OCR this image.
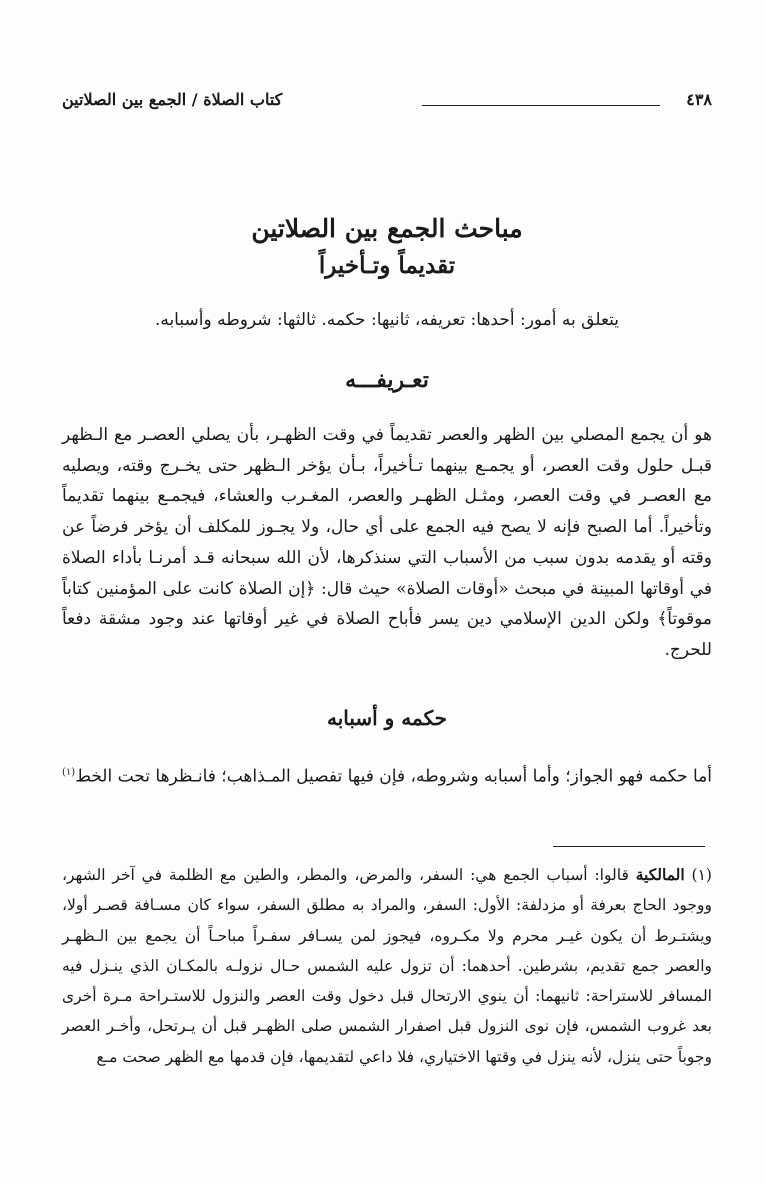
٤٣٨
كتاب الصلاة / الجمع بين الصلاتين
مباحث الجمع بين الصلاتين
تقديماً وتـأخيراً
يتعلق به أمور: أحدها: تعريفه، ثانيها: حكمه. ثالثها: شروطه وأسبابه.
تعـريفـــه
هو أن يجمع المصلي بين الظهر والعصر تقديماً في وقت الظهـر، بأن يصلي العصـر مع الـظهر قبـل حلول وقت العصر، أو يجمـع بينهما تـأخيراً، بـأن يؤخر الـظهر حتى يخـرج وقته، ويصليه مع العصـر في وقت العصر، ومثـل الظهـر والعصر، المغـرب والعشاء، فيجمـع بينهما تقديماً وتأخيراً. أما الصبح فإنه لا يصح فيه الجمع على أي حال، ولا يجـوز للمكلف أن يؤخر فرضاً عن وقته أو يقدمه بدون سبب من الأسباب التي سنذكرها، لأن الله سبحانه قـد أمرنـا بأداء الصلاة في أوقاتها المبينة في مبحث «أوقات الصلاة» حيث قال: ﴿إن الصلاة كانت على المؤمنين كتاباً موقوتاً﴾ ولكن الدين الإسلامي دين يسر فأباح الصلاة في غير أوقاتها عند وجود مشقة دفعاً للحرج.
حكمه و أسبابه
أما حكمه فهو الجواز؛ وأما أسبابه وشروطه، فإن فيها تفصيل المـذاهب؛ فانـظرها تحت الخط$^{(١)}$
(١) المالكية قالوا: أسباب الجمع هي: السفر، والمرض، والمطر، والطين مع الظلمة في آخر الشهر، ووجود الحاج بعرفة أو مزدلفة: الأول: السفر، والمراد به مطلق السفر، سواء كان مسـافة قصـر أولا، ويشتـرط أن يكون غيـر محرم ولا مكـروه، فيجوز لمن يسـافر سفـراً مباحـاً أن يجمع بين الـظهـر والعصر جمع تقديم، بشرطين. أحدهما: أن تزول عليه الشمس حـال نزولـه بالمكـان الذي ينـزل فيه المسافر للاستراحة: ثانيهما: أن ينوي الارتحال قبل دخول وقت العصر والنزول للاستـراحة مـرة أخرى بعد غروب الشمس، فإن نوى النزول قبل اصفرار الشمس صلى الظهـر قبل أن يـرتحل، وأخـر العصر وجوباً حتى ينزل، لأنه ينزل في وقتها الاختياري، فلا داعي لتقديمها، فإن قدمها مع الظهر صحت مـع
